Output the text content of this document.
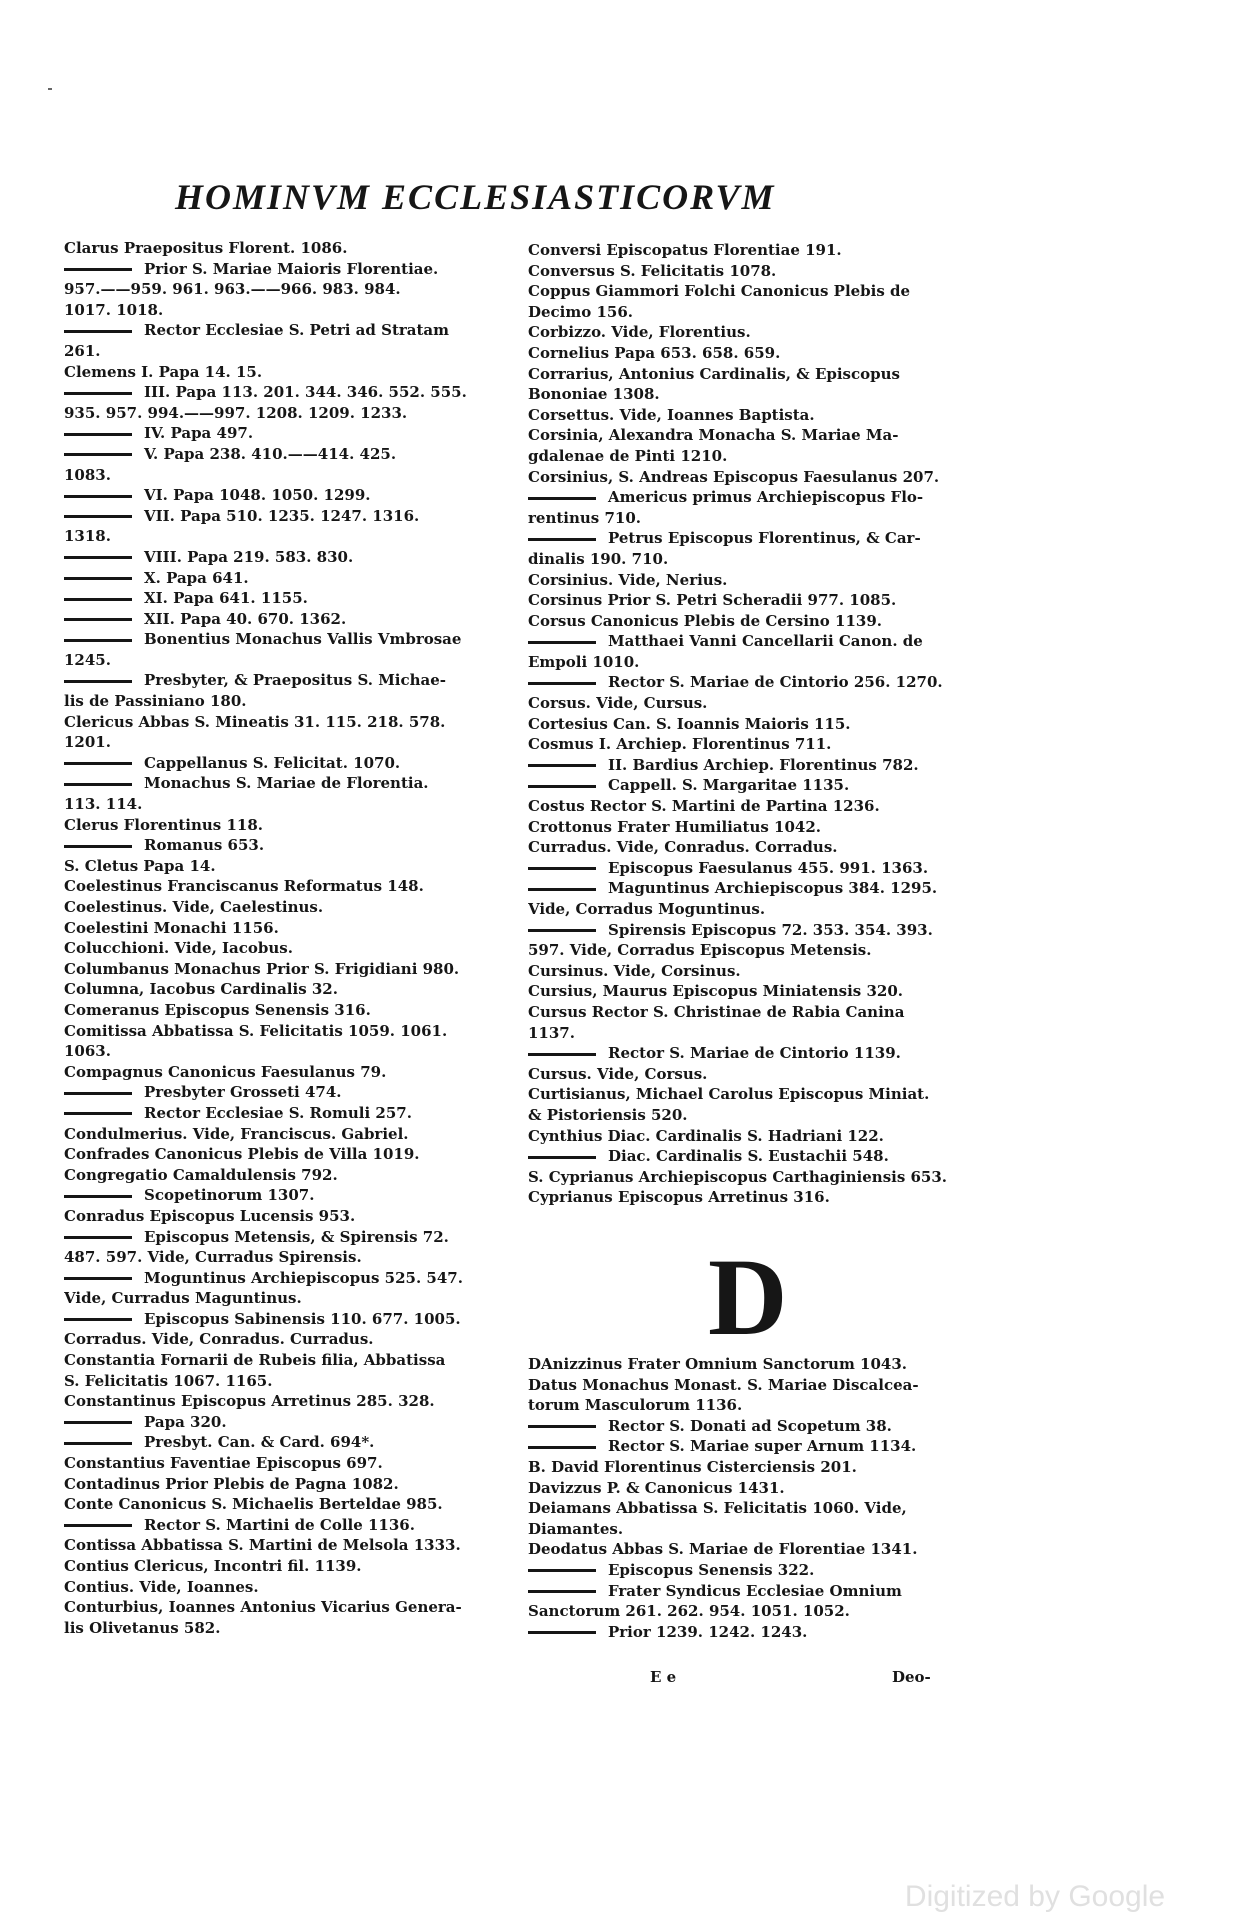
HOMINVM ECCLESIASTICORVM
Clarus Praepositus Florent. 1086.
Prior S. Mariae Maioris Florentiae.
957.——959. 961. 963.——966. 983. 984.
1017. 1018.
Rector Ecclesiae S. Petri ad Stratam
261.
Clemens I. Papa 14. 15.
III. Papa 113. 201. 344. 346. 552. 555.
935. 957. 994.——997. 1208. 1209. 1233.
IV. Papa 497.
V. Papa 238. 410.——414. 425.
1083.
VI. Papa 1048. 1050. 1299.
VII. Papa 510. 1235. 1247. 1316.
1318.
VIII. Papa 219. 583. 830.
X. Papa 641.
XI. Papa 641. 1155.
XII. Papa 40. 670. 1362.
Bonentius Monachus Vallis Vmbrosae
1245.
Presbyter, & Praepositus S. Michae-
lis de Passiniano 180.
Clericus Abbas S. Mineatis 31. 115. 218. 578.
1201.
Cappellanus S. Felicitat. 1070.
Monachus S. Mariae de Florentia.
113. 114.
Clerus Florentinus 118.
Romanus 653.
S. Cletus Papa 14.
Coelestinus Franciscanus Reformatus 148.
Coelestinus. Vide, Caelestinus.
Coelestini Monachi 1156.
Colucchioni. Vide, Iacobus.
Columbanus Monachus Prior S. Frigidiani 980.
Columna, Iacobus Cardinalis 32.
Comeranus Episcopus Senensis 316.
Comitissa Abbatissa S. Felicitatis 1059. 1061.
1063.
Compagnus Canonicus Faesulanus 79.
Presbyter Grosseti 474.
Rector Ecclesiae S. Romuli 257.
Condulmerius. Vide, Franciscus. Gabriel.
Confrades Canonicus Plebis de Villa 1019.
Congregatio Camaldulensis 792.
Scopetinorum 1307.
Conradus Episcopus Lucensis 953.
Episcopus Metensis, & Spirensis 72.
487. 597. Vide, Curradus Spirensis.
Moguntinus Archiepiscopus 525. 547.
Vide, Curradus Maguntinus.
Episcopus Sabinensis 110. 677. 1005.
Corradus. Vide, Conradus. Curradus.
Constantia Fornarii de Rubeis filia, Abbatissa
S. Felicitatis 1067. 1165.
Constantinus Episcopus Arretinus 285. 328.
Papa 320.
Presbyt. Can. & Card. 694*.
Constantius Faventiae Episcopus 697.
Contadinus Prior Plebis de Pagna 1082.
Conte Canonicus S. Michaelis Berteldae 985.
Rector S. Martini de Colle 1136.
Contissa Abbatissa S. Martini de Melsola 1333.
Contius Clericus, Incontri fil. 1139.
Contius. Vide, Ioannes.
Conturbius, Ioannes Antonius Vicarius Genera-
lis Olivetanus 582.
Conversi Episcopatus Florentiae 191.
Conversus S. Felicitatis 1078.
Coppus Giammori Folchi Canonicus Plebis de
Decimo 156.
Corbizzo. Vide, Florentius.
Cornelius Papa 653. 658. 659.
Corrarius, Antonius Cardinalis, & Episcopus
Bononiae 1308.
Corsettus. Vide, Ioannes Baptista.
Corsinia, Alexandra Monacha S. Mariae Ma-
gdalenae de Pinti 1210.
Corsinius, S. Andreas Episcopus Faesulanus 207.
Americus primus Archiepiscopus Flo-
rentinus 710.
Petrus Episcopus Florentinus, & Car-
dinalis 190. 710.
Corsinius. Vide, Nerius.
Corsinus Prior S. Petri Scheradii 977. 1085.
Corsus Canonicus Plebis de Cersino 1139.
Matthaei Vanni Cancellarii Canon. de
Empoli 1010.
Rector S. Mariae de Cintorio 256. 1270.
Corsus. Vide, Cursus.
Cortesius Can. S. Ioannis Maioris 115.
Cosmus I. Archiep. Florentinus 711.
II. Bardius Archiep. Florentinus 782.
Cappell. S. Margaritae 1135.
Costus Rector S. Martini de Partina 1236.
Crottonus Frater Humiliatus 1042.
Curradus. Vide, Conradus. Corradus.
Episcopus Faesulanus 455. 991. 1363.
Maguntinus Archiepiscopus 384. 1295.
Vide, Corradus Moguntinus.
Spirensis Episcopus 72. 353. 354. 393.
597. Vide, Corradus Episcopus Metensis.
Cursinus. Vide, Corsinus.
Cursius, Maurus Episcopus Miniatensis 320.
Cursus Rector S. Christinae de Rabia Canina
1137.
Rector S. Mariae de Cintorio 1139.
Cursus. Vide, Corsus.
Curtisianus, Michael Carolus Episcopus Miniat.
& Pistoriensis 520.
Cynthius Diac. Cardinalis S. Hadriani 122.
Diac. Cardinalis S. Eustachii 548.
S. Cyprianus Archiepiscopus Carthaginiensis 653.
Cyprianus Episcopus Arretinus 316.
D
DAnizzinus Frater Omnium Sanctorum 1043.
Datus Monachus Monast. S. Mariae Discalcea-
torum Masculorum 1136.
Rector S. Donati ad Scopetum 38.
Rector S. Mariae super Arnum 1134.
B. David Florentinus Cisterciensis 201.
Davizzus P. & Canonicus 1431.
Deiamans Abbatissa S. Felicitatis 1060. Vide,
Diamantes.
Deodatus Abbas S. Mariae de Florentiae 1341.
Episcopus Senensis 322.
Frater Syndicus Ecclesiae Omnium
Sanctorum 261. 262. 954. 1051. 1052.
Prior 1239. 1242. 1243.
E e	Deo-
Digitized by Google
